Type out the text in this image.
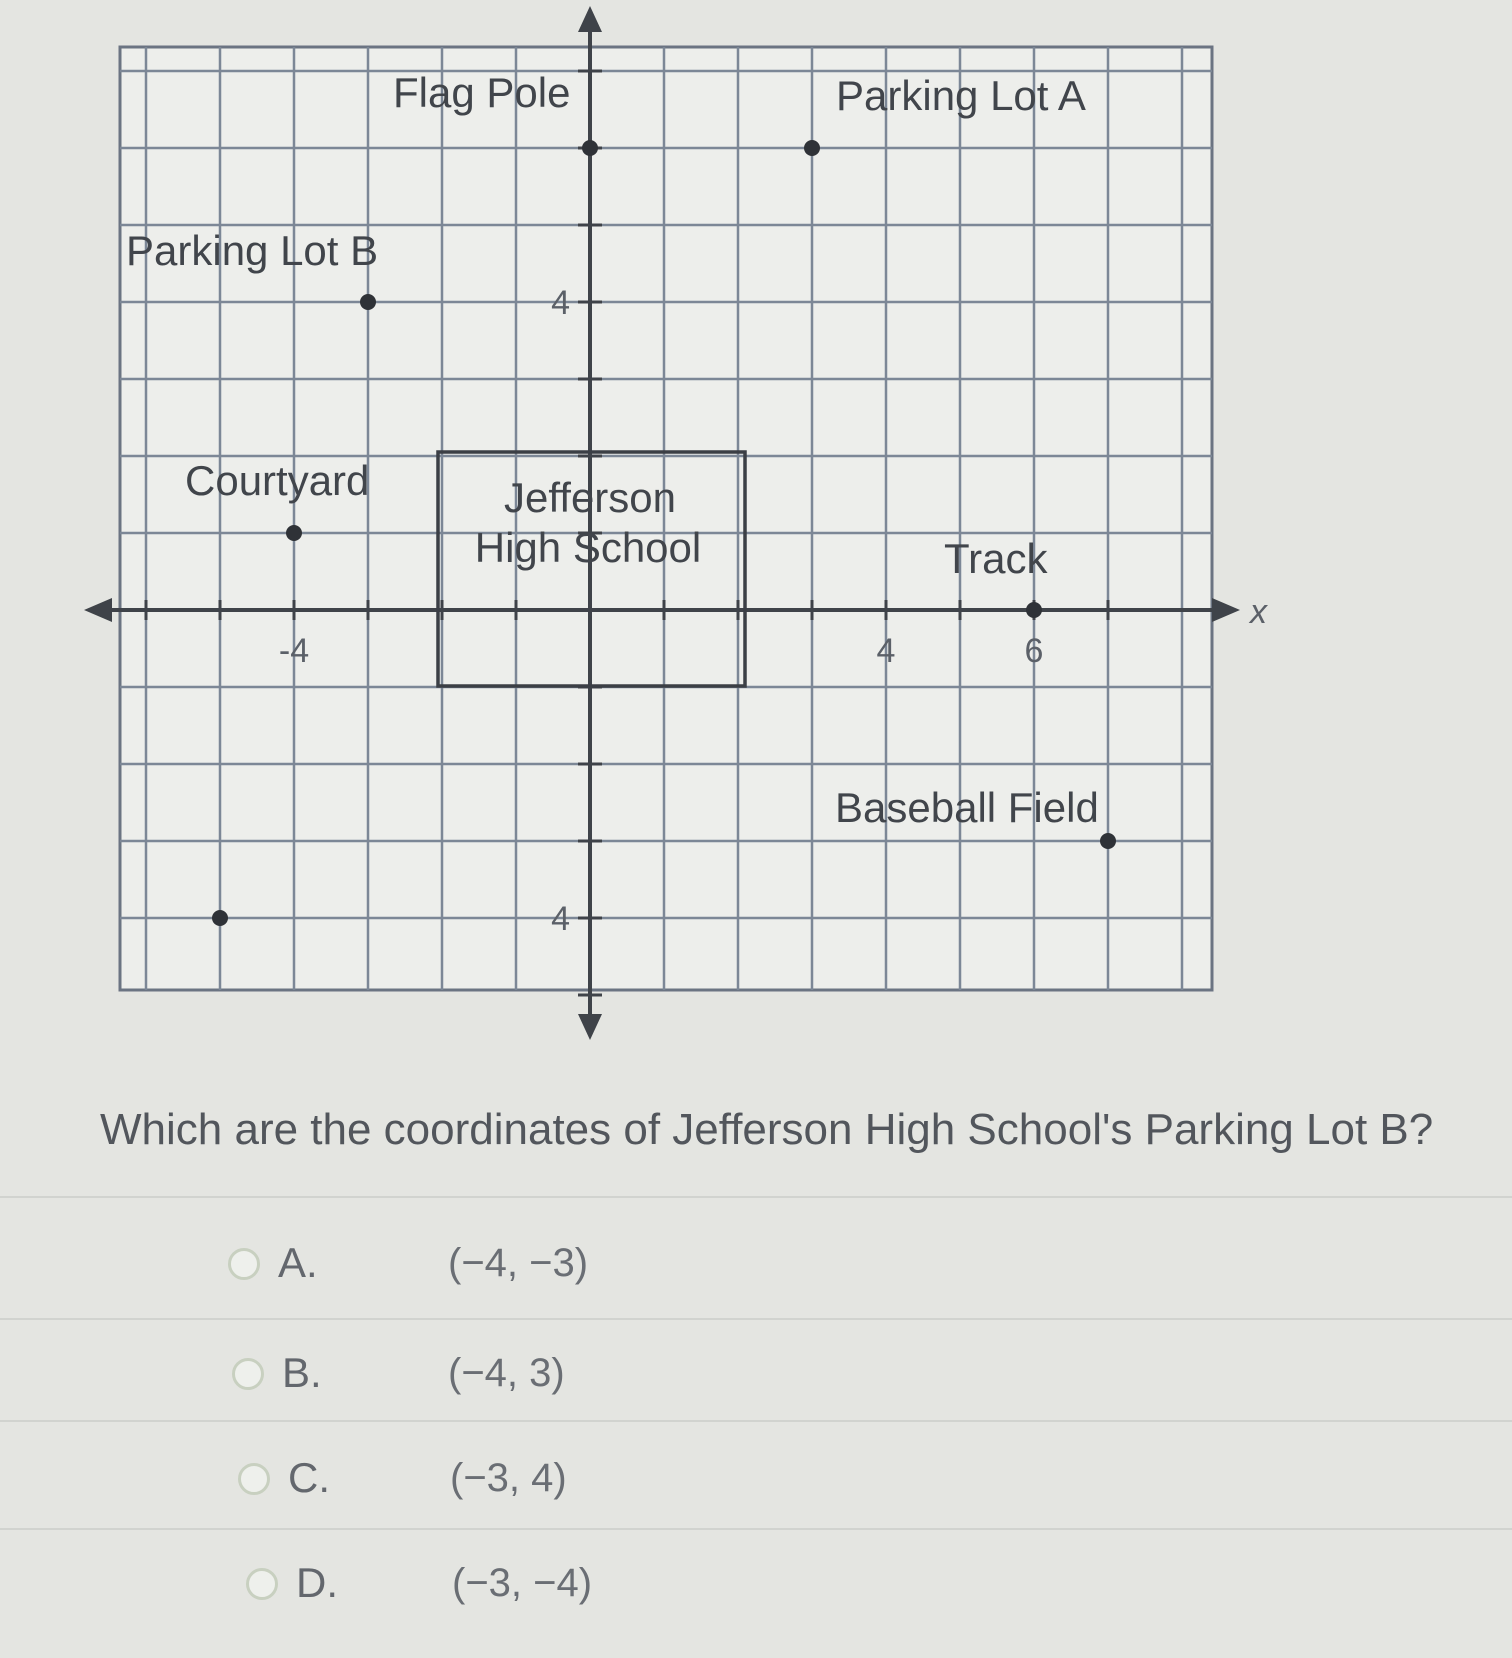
-4	4	6
4
4
Flag Pole	Parking Lot A
Parking Lot B
Courtyard	Jefferson
High School	Track
Baseball Field
x
Which are the coordinates of Jefferson High School's Parking Lot B?
A.	(−4, −3)
B.	(−4, 3)
C.	(−3, 4)
D.	(−3, −4)
